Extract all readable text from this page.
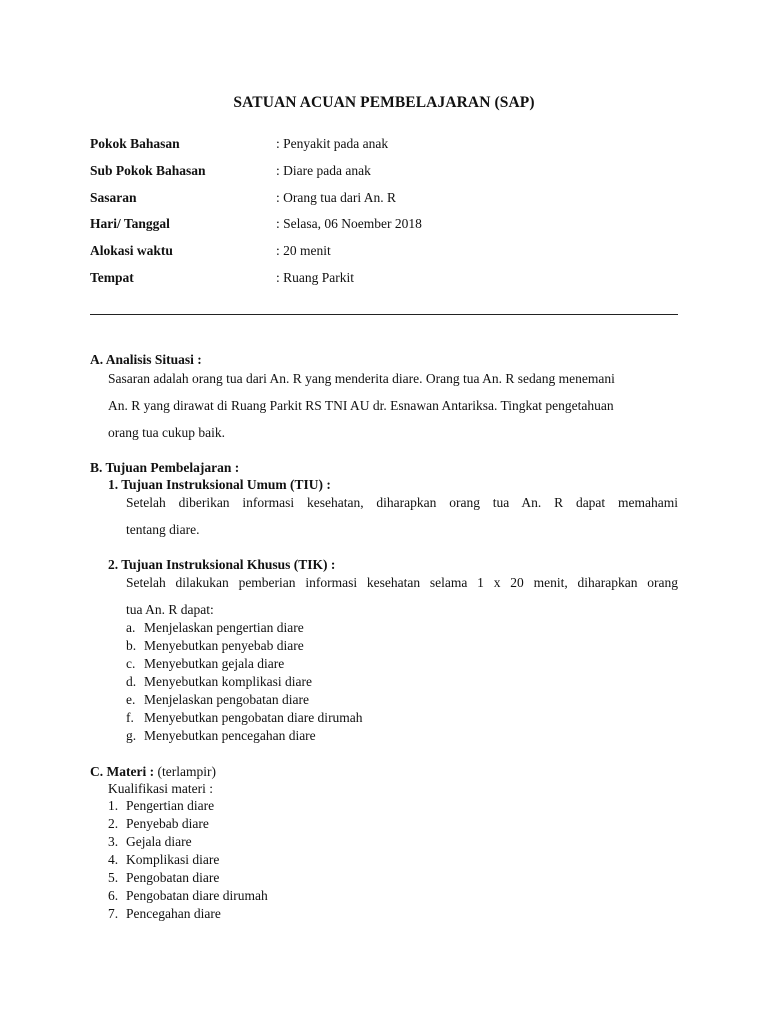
SATUAN ACUAN PEMBELAJARAN (SAP)
Pokok Bahasan	: Penyakit pada anak
Sub Pokok Bahasan	: Diare pada anak
Sasaran	: Orang tua dari An. R
Hari/ Tanggal	: Selasa, 06 Noember 2018
Alokasi waktu	: 20 menit
Tempat	: Ruang Parkit
A. Analisis Situasi :
Sasaran adalah orang tua dari An. R yang menderita diare. Orang tua An. R sedang menemani
An. R yang dirawat di Ruang Parkit RS TNI AU dr. Esnawan Antariksa. Tingkat pengetahuan
orang tua cukup baik.
B. Tujuan Pembelajaran :
1. Tujuan Instruksional Umum (TIU) :
Setelah diberikan informasi kesehatan, diharapkan orang tua An. R dapat memahami
tentang diare.
2. Tujuan Instruksional Khusus (TIK) :
Setelah dilakukan pemberian informasi kesehatan selama 1 x 20 menit, diharapkan orang
tua An. R dapat:
a. Menjelaskan pengertian diare
b. Menyebutkan penyebab diare
c. Menyebutkan gejala diare
d. Menyebutkan komplikasi diare
e. Menjelaskan pengobatan diare
f. Menyebutkan pengobatan diare dirumah
g. Menyebutkan pencegahan diare
C. Materi : (terlampir)
Kualifikasi materi :
1. Pengertian diare
2. Penyebab diare
3. Gejala diare
4. Komplikasi diare
5. Pengobatan diare
6. Pengobatan diare dirumah
7. Pencegahan diare
